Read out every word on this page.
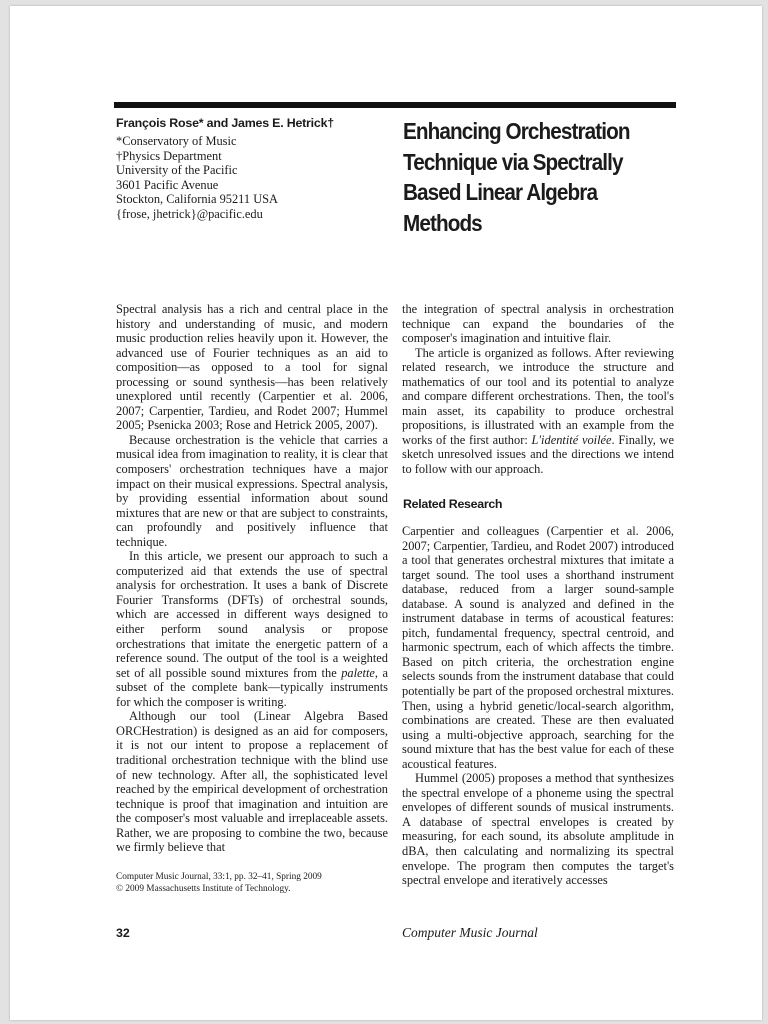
François Rose* and James E. Hetrick†
*Conservatory of Music
†Physics Department
University of the Pacific
3601 Pacific Avenue
Stockton, California 95211 USA
{frose, jhetrick}@pacific.edu
Enhancing Orchestration
Technique via Spectrally
Based Linear Algebra
Methods

Spectral analysis has a rich and central place in the history and understanding of music, and modern music production relies heavily upon it. However, the advanced use of Fourier techniques as an aid to composition—as opposed to a tool for signal processing or sound synthesis—has been relatively unexplored until recently (Carpentier et al. 2006, 2007; Carpentier, Tardieu, and Rodet 2007; Hummel 2005; Psenicka 2003; Rose and Hetrick 2005, 2007).

Because orchestration is the vehicle that carries a musical idea from imagination to reality, it is clear that composers' orchestration techniques have a major impact on their musical expressions. Spectral analysis, by providing essential information about sound mixtures that are new or that are subject to constraints, can profoundly and positively influence that technique.

In this article, we present our approach to such a computerized aid that extends the use of spectral analysis for orchestration. It uses a bank of Discrete Fourier Transforms (DFTs) of orchestral sounds, which are accessed in different ways designed to either perform sound analysis or propose orchestrations that imitate the energetic pattern of a reference sound. The output of the tool is a weighted set of all possible sound mixtures from the palette, a subset of the complete bank—typically instruments for which the composer is writing.

Although our tool (Linear Algebra Based ORCHestration) is designed as an aid for composers, it is not our intent to propose a replacement of traditional orchestration technique with the blind use of new technology. After all, the sophisticated level reached by the empirical development of orchestration technique is proof that imagination and intuition are the composer's most valuable and irreplaceable assets. Rather, we are proposing to combine the two, because we firmly believe that

the integration of spectral analysis in orchestration technique can expand the boundaries of the composer's imagination and intuitive flair.

The article is organized as follows. After reviewing related research, we introduce the structure and mathematics of our tool and its potential to analyze and compare different orchestrations. Then, the tool's main asset, its capability to produce orchestral propositions, is illustrated with an example from the works of the first author: L'identité voilée. Finally, we sketch unresolved issues and the directions we intend to follow with our approach.

Related Research

Carpentier and colleagues (Carpentier et al. 2006, 2007; Carpentier, Tardieu, and Rodet 2007) introduced a tool that generates orchestral mixtures that imitate a target sound. The tool uses a shorthand instrument database, reduced from a larger sound-sample database. A sound is analyzed and defined in the instrument database in terms of acoustical features: pitch, fundamental frequency, spectral centroid, and harmonic spectrum, each of which affects the timbre. Based on pitch criteria, the orchestration engine selects sounds from the instrument database that could potentially be part of the proposed orchestral mixtures. Then, using a hybrid genetic/local-search algorithm, combinations are created. These are then evaluated using a multi-objective approach, searching for the sound mixture that has the best value for each of these acoustical features.

Hummel (2005) proposes a method that synthesizes the spectral envelope of a phoneme using the spectral envelopes of different sounds of musical instruments. A database of spectral envelopes is created by measuring, for each sound, its absolute amplitude in dBA, then calculating and normalizing its spectral envelope. The program then computes the target's spectral envelope and iteratively accesses

Computer Music Journal, 33:1, pp. 32–41, Spring 2009
© 2009 Massachusetts Institute of Technology.
32	Computer Music Journal
